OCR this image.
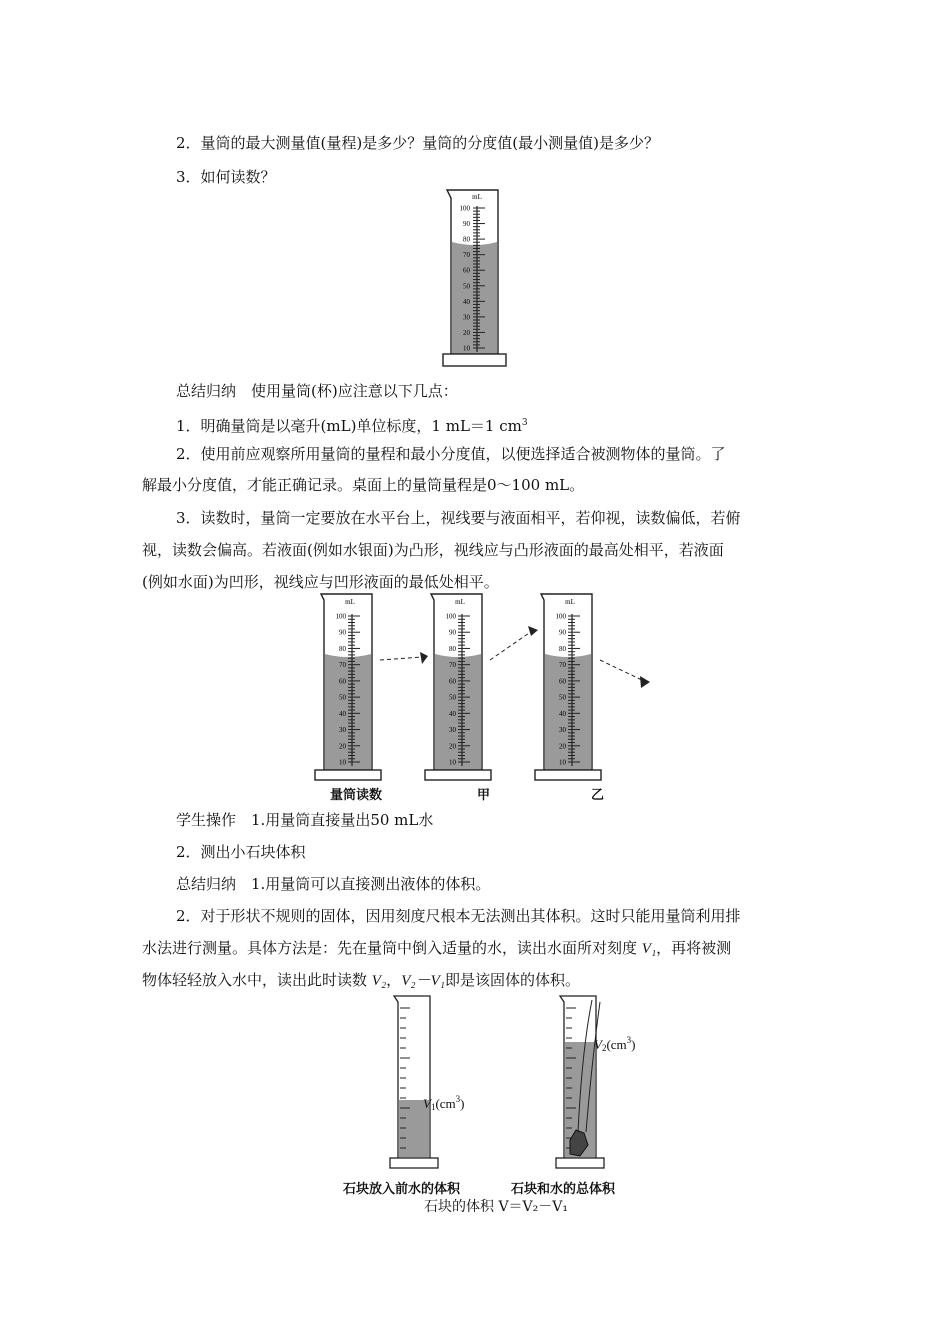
2．量筒的最大测量值(量程)是多少？量筒的分度值(最小测量值)是多少？
3．如何读数？
mL
100
90
80
70
60
50
40
30
20
10
总结归纳　使用量筒(杯)应注意以下几点：
1．明确量筒是以毫升(mL)单位标度，1 mL＝1 $cm^3$
2．使用前应观察所用量筒的量程和最小分度值，以便选择适合被测物体的量筒。了
解最小分度值，才能正确记录。桌面上的量筒量程是0～100 mL。
3．读数时，量筒一定要放在水平台上，视线要与液面相平，若仰视，读数偏低，若俯
视，读数会偏高。若液面(例如水银面)为凸形，视线应与凸形液面的最高处相平，若液面
(例如水面)为凹形，视线应与凹形液面的最低处相平。
mL
100
90
80
70
60
50
40
30
20
10
mL
100
90
80
70
60
50
40
30
20
10
mL
100
90
80
70
60
50
40
30
20
10
量筒读数	甲	乙
学生操作　1.用量筒直接量出50 mL水
2．测出小石块体积
总结归纳　1.用量筒可以直接测出液体的体积。
2．对于形状不规则的固体，因用刻度尺根本无法测出其体积。这时只能用量筒利用排
水法进行测量。具体方法是：先在量筒中倒入适量的水，读出水面所对刻度 V₁，再将被测
物体轻轻放入水中，读出此时读数 V₂，V₂－V₁即是该固体的体积。
$V_1(cm^3)$
$V_2(cm^3)$
石块放入前水的体积	石块和水的总体积
石块的体积 V＝V₂－V₁
